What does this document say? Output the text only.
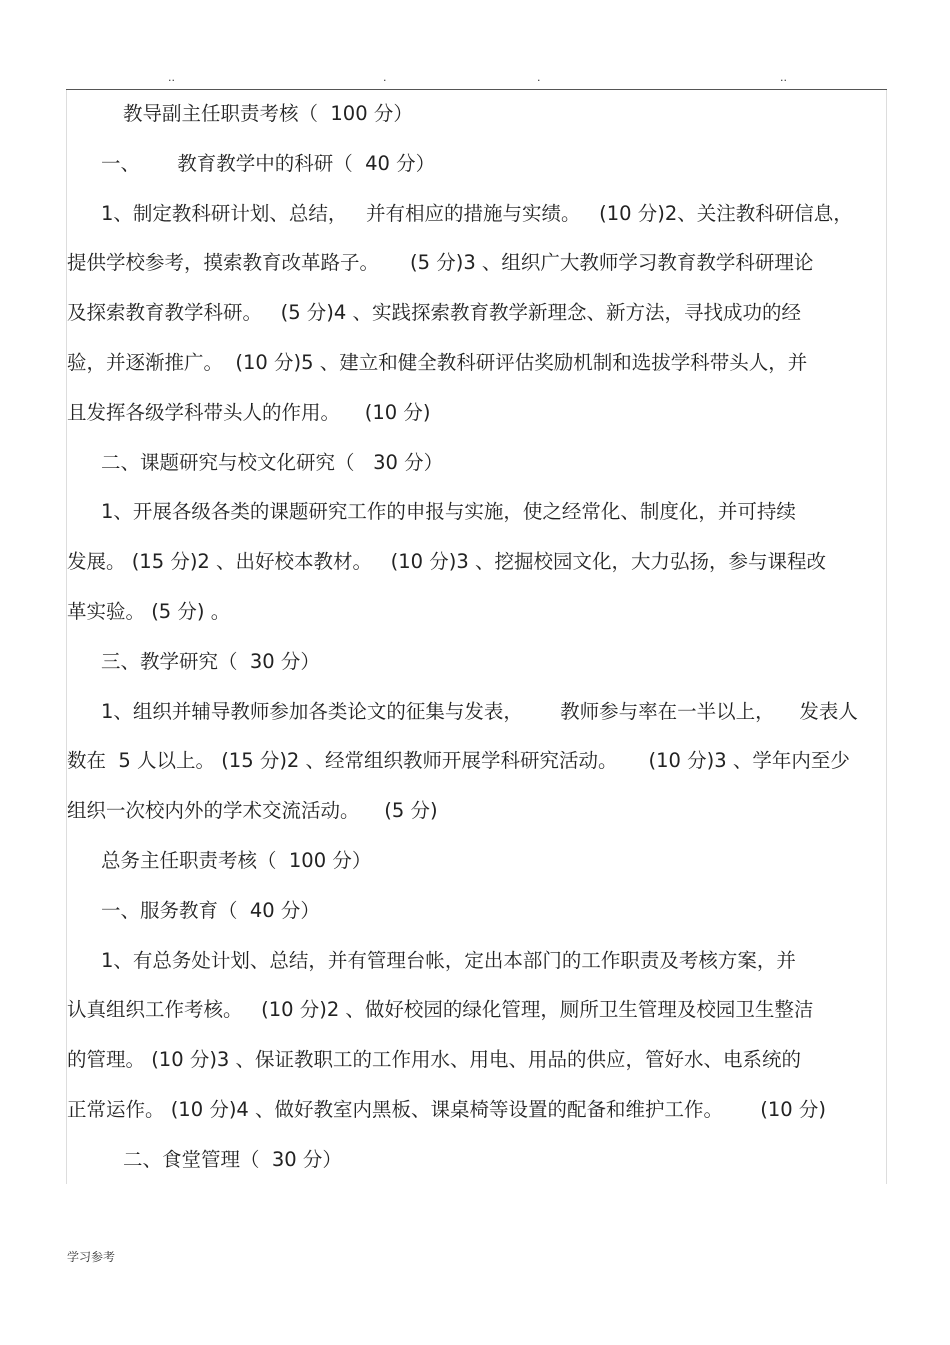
..	.	.	..
教导副主任职责考核（  100 分）
一、      教育教学中的科研（  40 分）
1、制定教科研计划、总结，   并有相应的措施与实绩。   (10 分)2、关注教科研信息，
提供学校参考，摸索教育改革路子。     (5 分)3 、组织广大教师学习教育教学科研理论
及探索教育教学科研。   (5 分)4 、实践探索教育教学新理念、新方法，寻找成功的经
验，并逐渐推广。  (10 分)5 、建立和健全教科研评估奖励机制和选拔学科带头人，并
且发挥各级学科带头人的作用。    (10 分)
二、课题研究与校文化研究（   30 分）
1、开展各级各类的课题研究工作的申报与实施，使之经常化、制度化，并可持续
发展。 (15 分)2 、出好校本教材。   (10 分)3 、挖掘校园文化，大力弘扬，参与课程改
革实验。 (5 分) 。
三、教学研究（  30 分）
1、组织并辅导教师参加各类论文的征集与发表，      教师参与率在一半以上，    发表人
数在  5 人以上。 (15 分)2 、经常组织教师开展学科研究活动。     (10 分)3 、学年内至少
组织一次校内外的学术交流活动。    (5 分)
总务主任职责考核（  100 分）
一、服务教育（  40 分）
1、有总务处计划、总结，并有管理台帐，定出本部门的工作职责及考核方案，并
认真组织工作考核。   (10 分)2 、做好校园的绿化管理，厕所卫生管理及校园卫生整洁
的管理。 (10 分)3 、保证教职工的工作用水、用电、用品的供应，管好水、电系统的
正常运作。 (10 分)4 、做好教室内黑板、课桌椅等设置的配备和维护工作。      (10 分)
二、食堂管理（  30 分）
学习参考
